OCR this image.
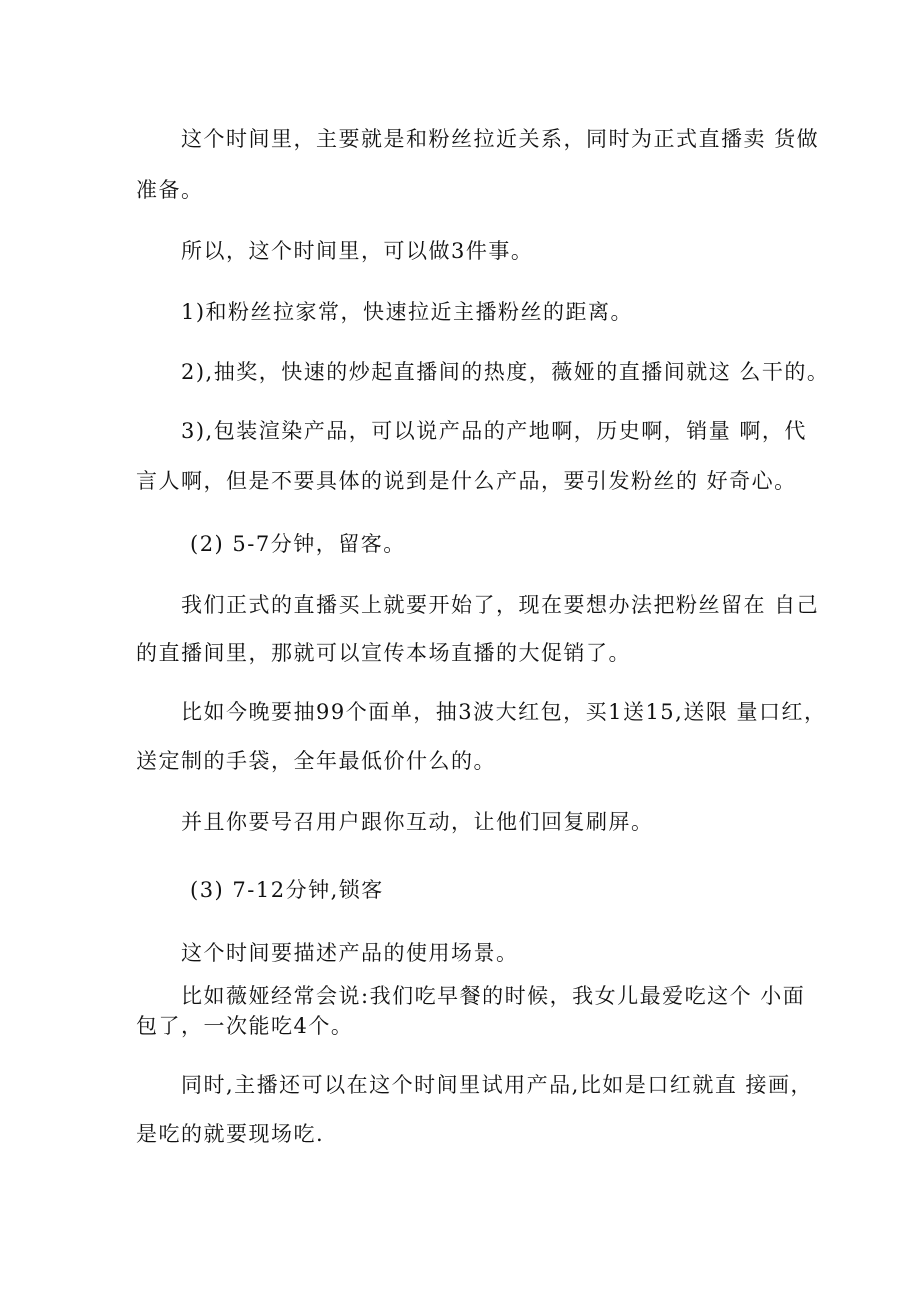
这个时间里，主要就是和粉丝拉近关系，同时为正式直播卖 货做
准备。
所以，这个时间里，可以做3件事。
1)和粉丝拉家常，快速拉近主播粉丝的距离。
2),抽奖，快速的炒起直播间的热度，薇娅的直播间就这 么干的。
3),包装渲染产品，可以说产品的产地啊，历史啊，销量 啊，代
言人啊，但是不要具体的说到是什么产品，要引发粉丝的 好奇心。
(2) 5-7分钟，留客。
我们正式的直播买上就要开始了，现在要想办法把粉丝留在 自己
的直播间里，那就可以宣传本场直播的大促销了。
比如今晚要抽99个面单，抽3波大红包，买1送15,送限 量口红，
送定制的手袋，全年最低价什么的。
并且你要号召用户跟你互动，让他们回复刷屏。
(3) 7-12分钟,锁客
这个时间要描述产品的使用场景。
比如薇娅经常会说:我们吃早餐的时候，我女儿最爱吃这个 小面
包了，一次能吃4个。
同时,主播还可以在这个时间里试用产品,比如是口红就直 接画，
是吃的就要现场吃.
